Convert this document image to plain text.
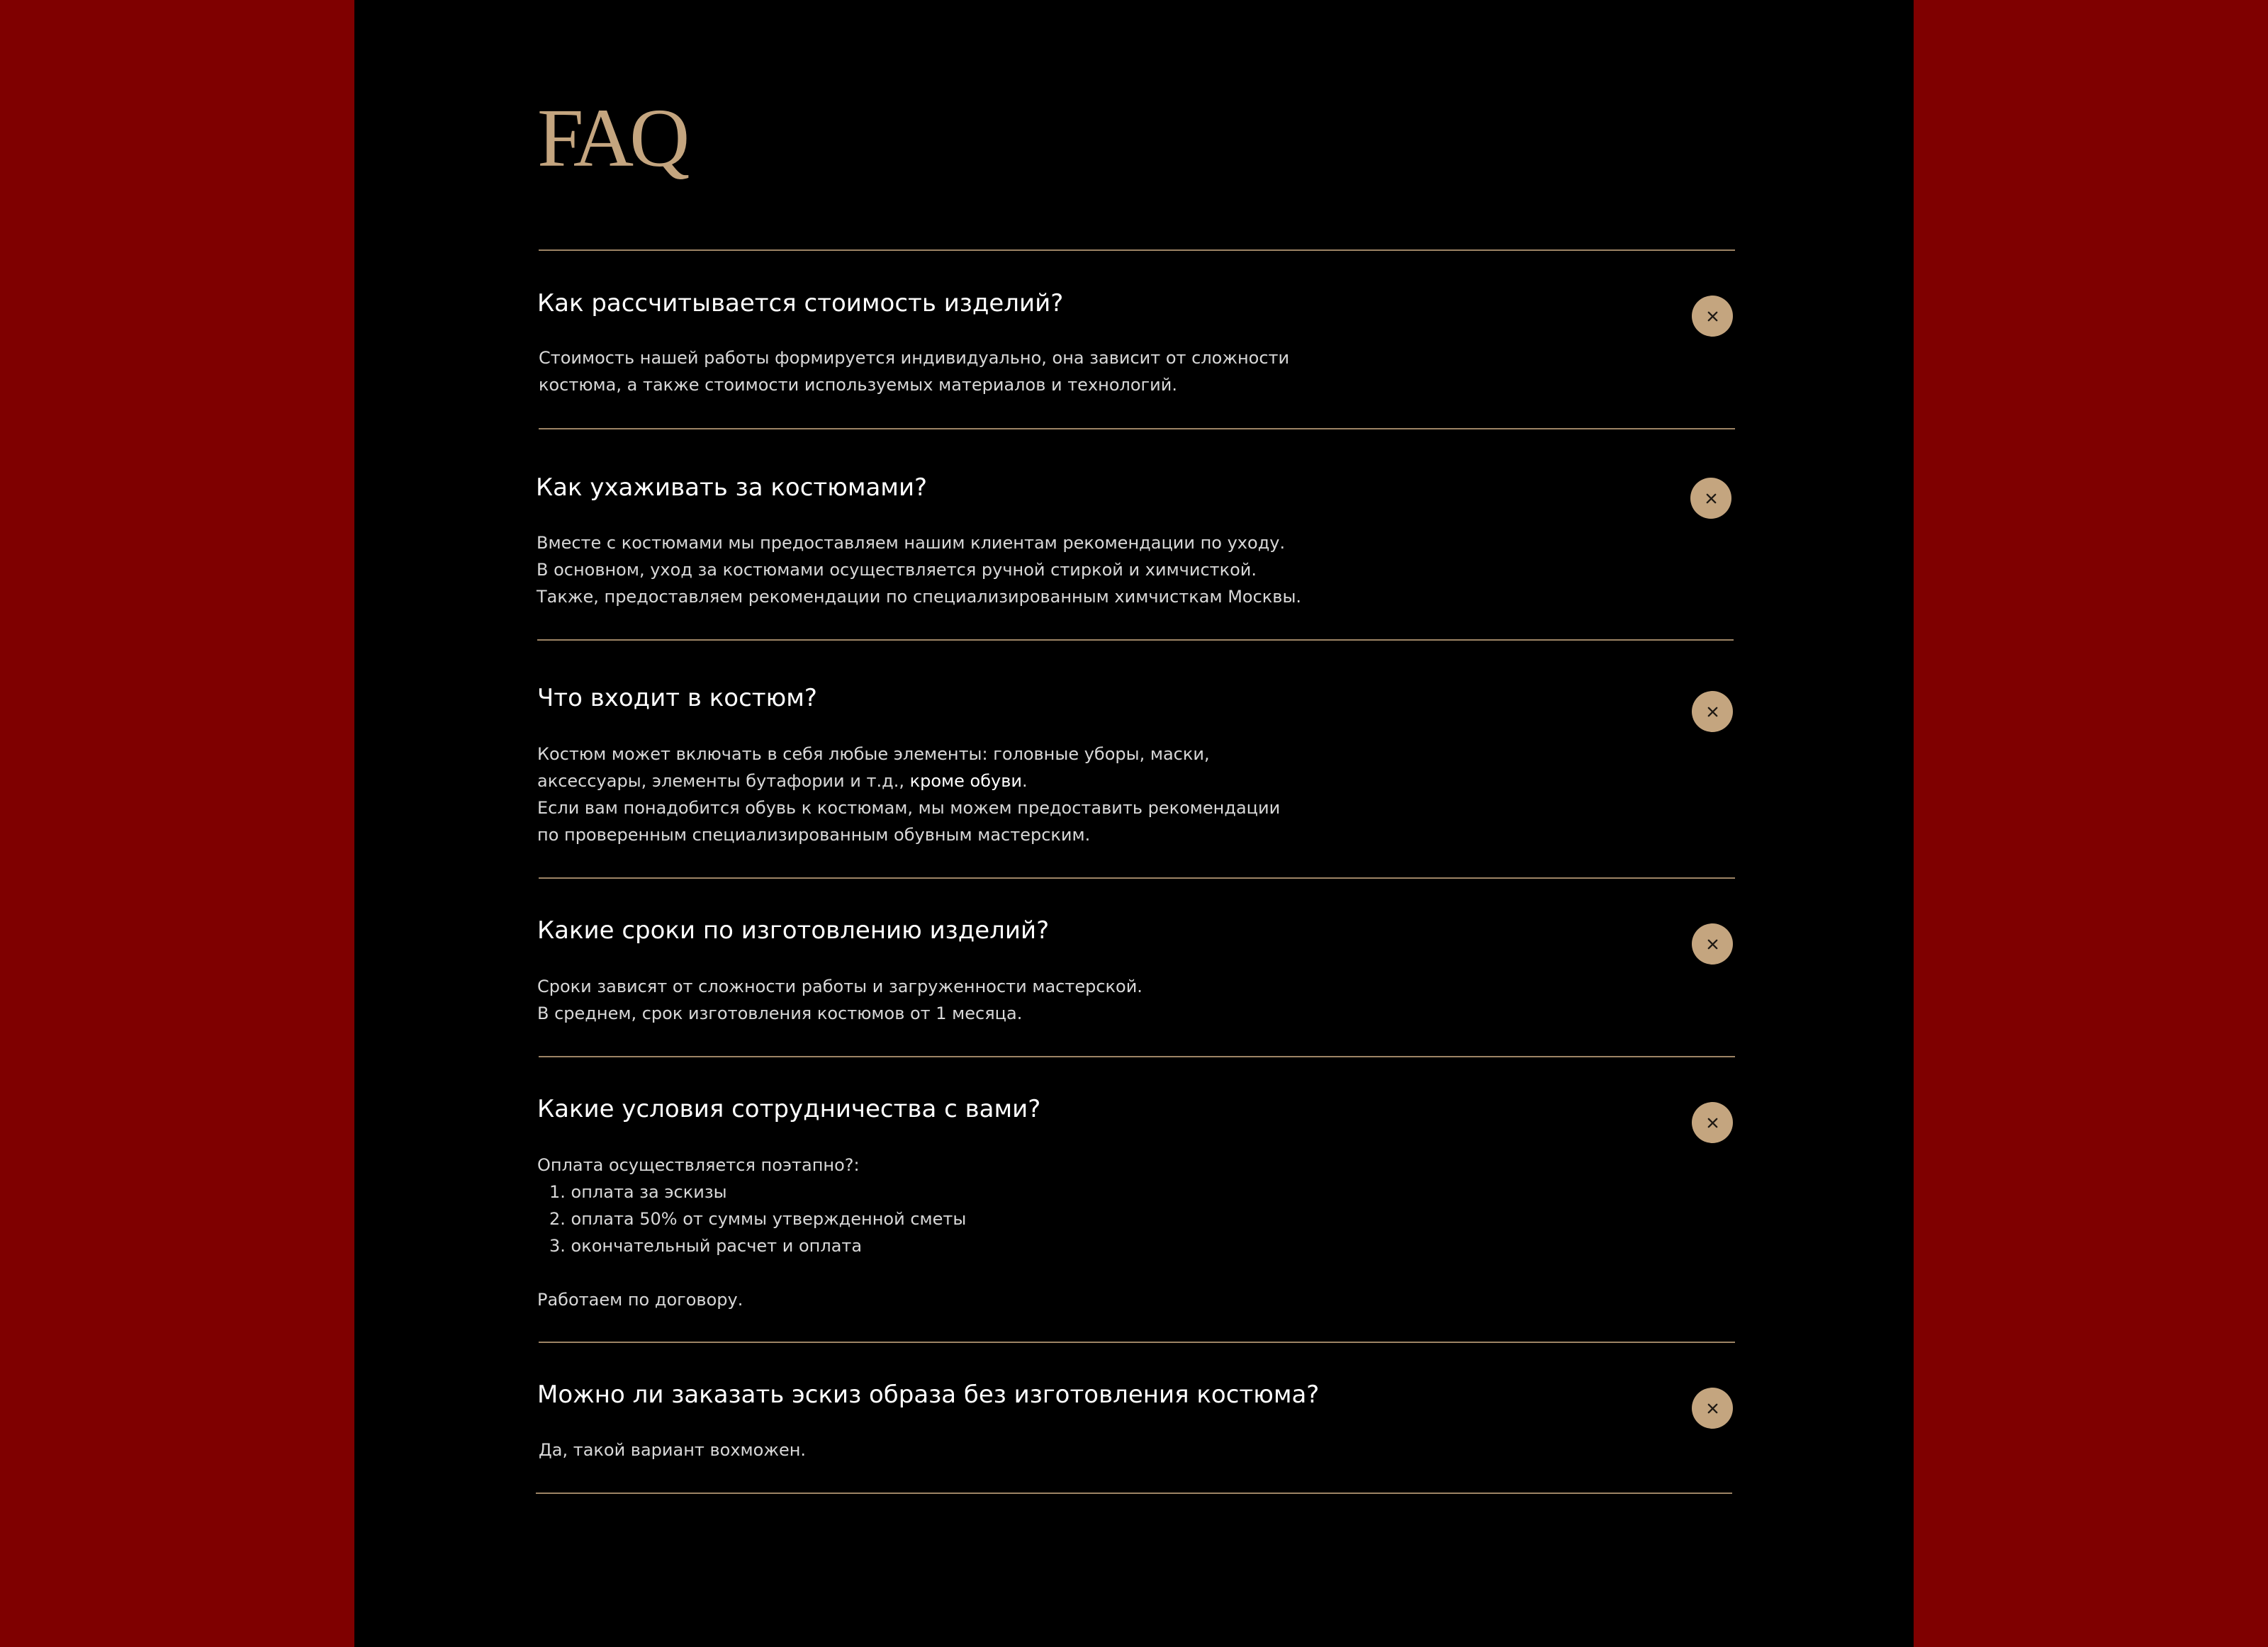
FAQ
Как рассчитывается стоимость изделий?

Стоимость нашей работы формируется индивидуально, она зависит от сложности

костюма, а также стоимости используемых материалов и технологий.

Как ухаживать за костюмами?

Вместе с костюмами мы предоставляем нашим клиентам рекомендации по уходу.

В основном, уход за костюмами осуществляется ручной стиркой и химчисткой.

Также, предоставляем рекомендации по специализированным химчисткам Москвы.

Что входит в костюм?

Костюм может включать в себя любые элементы: головные уборы, маски,

аксессуары, элементы бутафории и т.д., кроме обуви.

Если вам понадобится обувь к костюмам, мы можем предоставить рекомендации

по проверенным специализированным обувным мастерским.

Какие сроки по изготовлению изделий?

Сроки зависят от сложности работы и загруженности мастерской.

В среднем, срок изготовления костюмов от 1 месяца.

Какие условия сотрудничества с вами?

Оплата осуществляется поэтапно?:

1. оплата за эскизы

2. оплата 50% от суммы утвержденной сметы

3. окончательный расчет и оплата

Работаем по договору.

Можно ли заказать эскиз образа без изготовления костюма?

Да, такой вариант вохможен.
